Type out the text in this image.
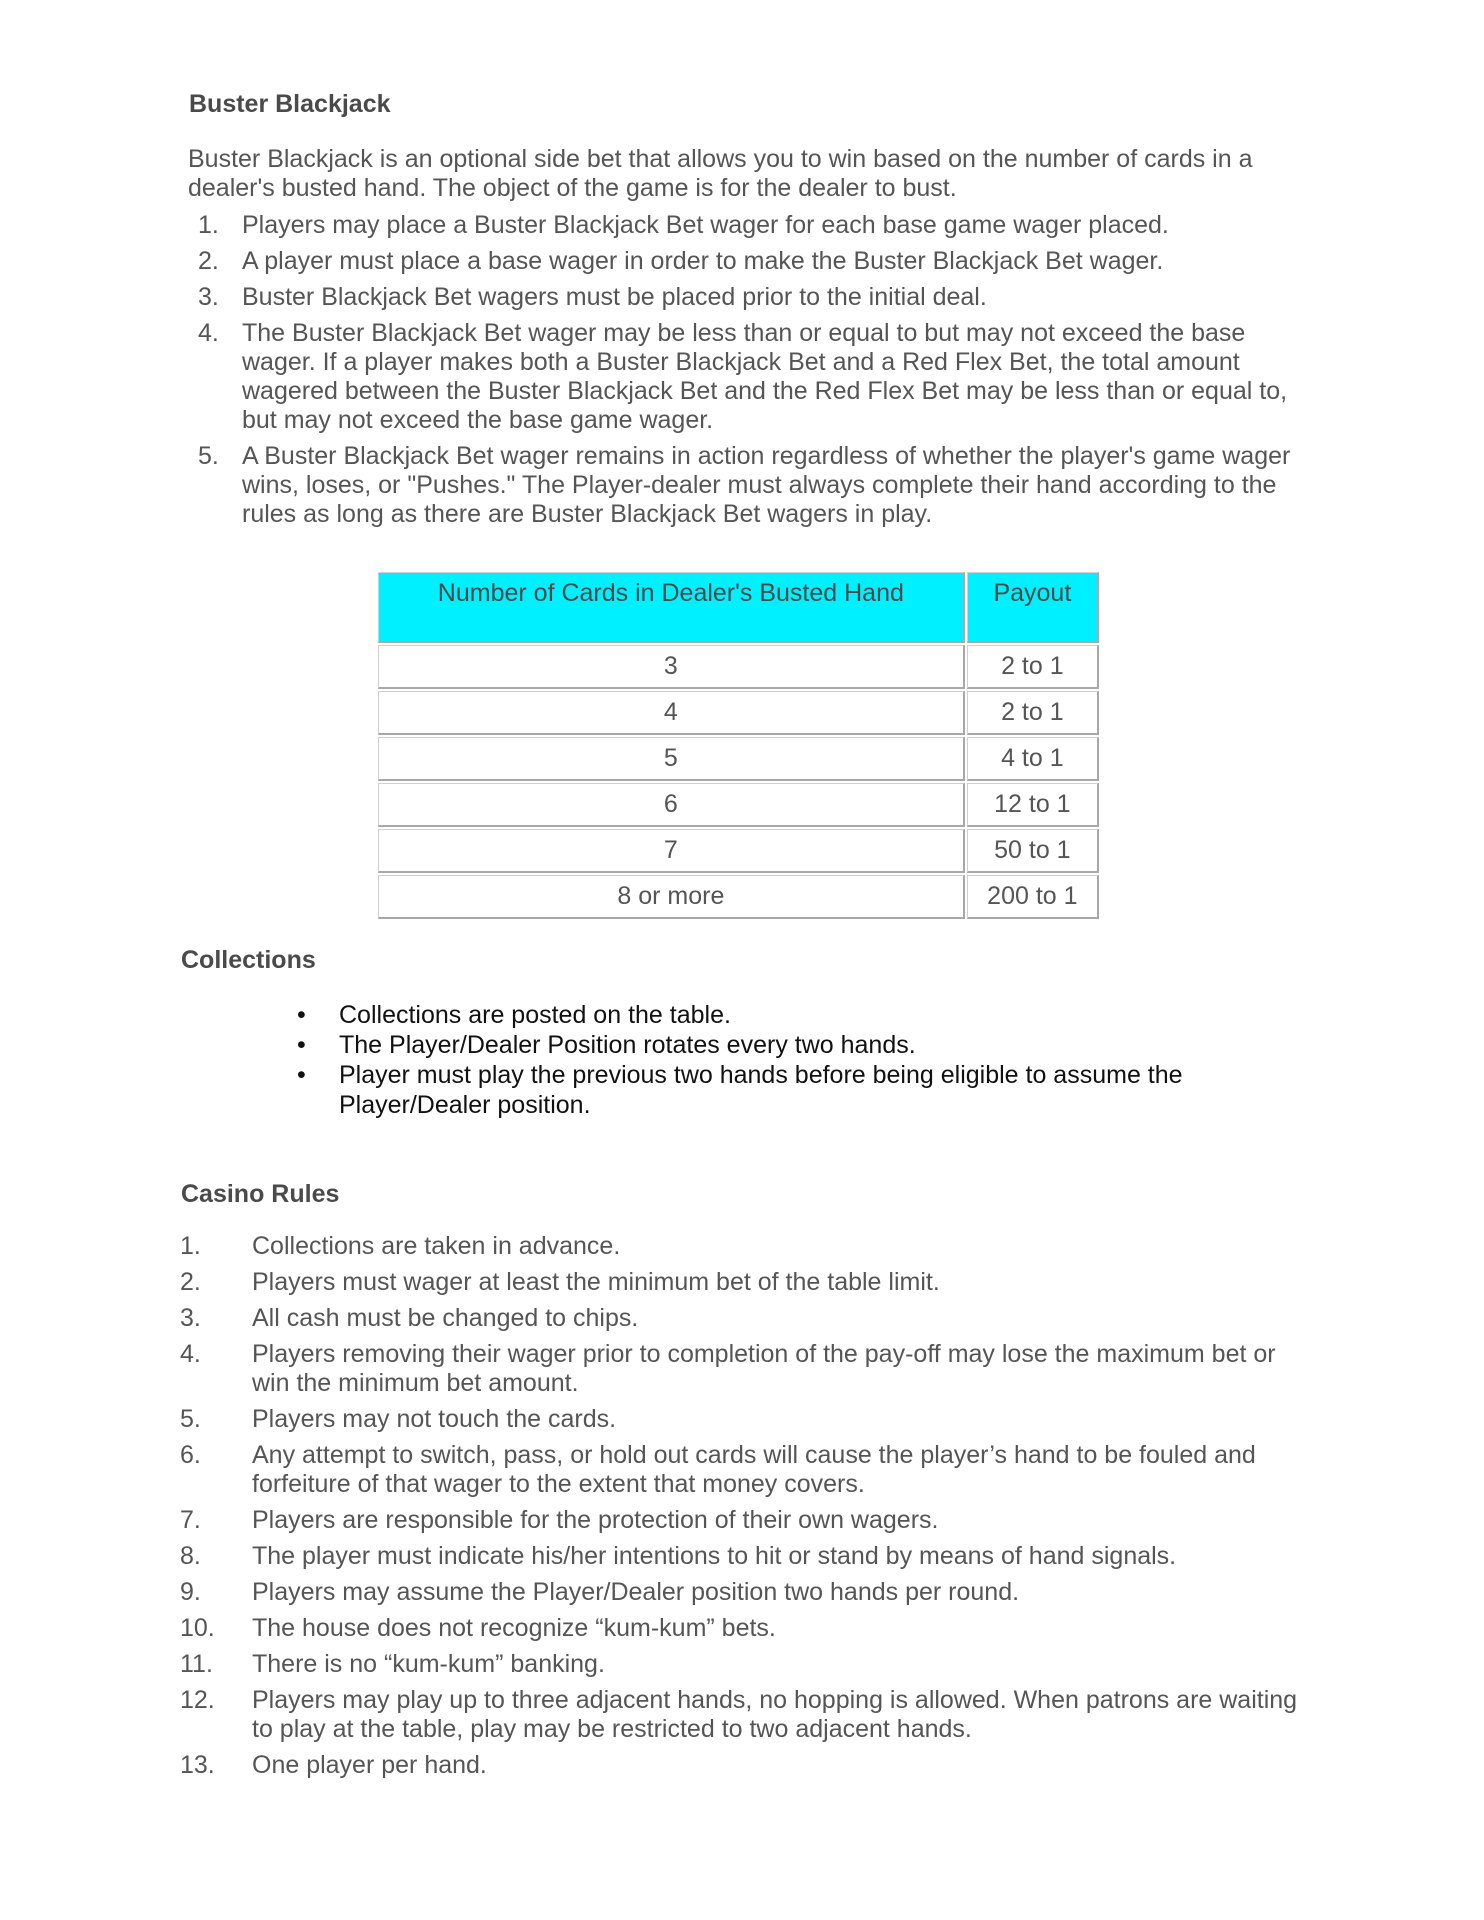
Buster Blackjack

Buster Blackjack is an optional side bet that allows you to win based on the number of cards in a dealer's busted hand. The object of the game is for the dealer to bust.

1. Players may place a Buster Blackjack Bet wager for each base game wager placed.
2. A player must place a base wager in order to make the Buster Blackjack Bet wager.
3. Buster Blackjack Bet wagers must be placed prior to the initial deal.
4. The Buster Blackjack Bet wager may be less than or equal to but may not exceed the base wager. If a player makes both a Buster Blackjack Bet and a Red Flex Bet, the total amount wagered between the Buster Blackjack Bet and the Red Flex Bet may be less than or equal to, but may not exceed the base game wager.
5. A Buster Blackjack Bet wager remains in action regardless of whether the player's game wager wins, loses, or "Pushes." The Player-dealer must always complete their hand according to the rules as long as there are Buster Blackjack Bet wagers in play.
Number of Cards in Dealer's Busted Hand	Payout
3	2 to 1
4	2 to 1
5	4 to 1
6	12 to 1
7	50 to 1
8 or more	200 to 1
Collections
• Collections are posted on the table.
• The Player/Dealer Position rotates every two hands.
• Player must play the previous two hands before being eligible to assume the Player/Dealer position.
Casino Rules
1.	Collections are taken in advance.
2.	Players must wager at least the minimum bet of the table limit.
3.	All cash must be changed to chips.
4.	Players removing their wager prior to completion of the pay-off may lose the maximum bet or win the minimum bet amount.
5.	Players may not touch the cards.
6.	Any attempt to switch, pass, or hold out cards will cause the player’s hand to be fouled and forfeiture of that wager to the extent that money covers.
7.	Players are responsible for the protection of their own wagers.
8.	The player must indicate his/her intentions to hit or stand by means of hand signals.
9.	Players may assume the Player/Dealer position two hands per round.
10.	The house does not recognize “kum-kum” bets.
11.	There is no “kum-kum” banking.
12.	Players may play up to three adjacent hands, no hopping is allowed. When patrons are waiting to play at the table, play may be restricted to two adjacent hands.
13.	One player per hand.
